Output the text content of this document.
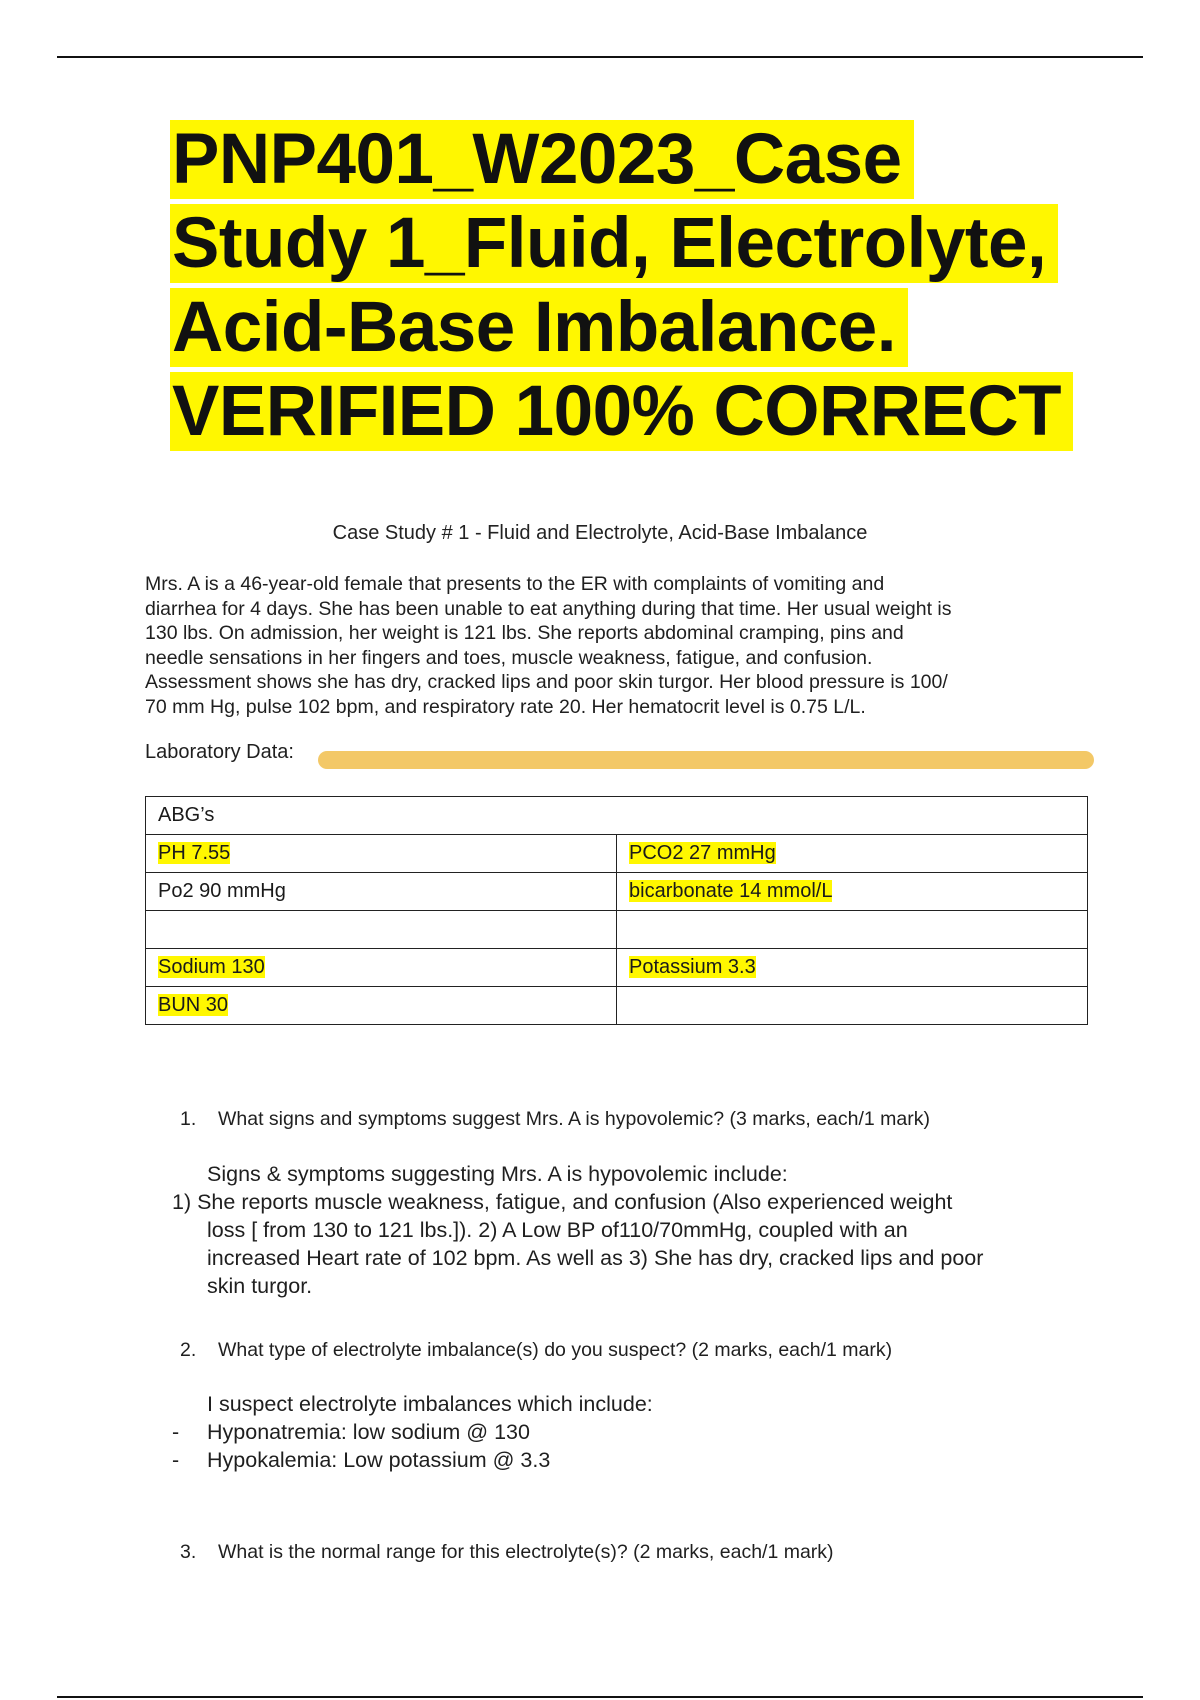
PNP401_W2023_Case
Study 1_Fluid, Electrolyte,
Acid-Base Imbalance.
VERIFIED 100% CORRECT
Case Study # 1 - Fluid and Electrolyte, Acid-Base Imbalance
Mrs. A is a 46-year-old female that presents to the ER with complaints of vomiting and
diarrhea for 4 days. She has been unable to eat anything during that time. Her usual weight is
130 lbs. On admission, her weight is 121 lbs. She reports abdominal cramping, pins and
needle sensations in her fingers and toes, muscle weakness, fatigue, and confusion.
Assessment shows she has dry, cracked lips and poor skin turgor. Her blood pressure is 100/
70 mm Hg, pulse 102 bpm, and respiratory rate 20. Her hematocrit level is 0.75 L/L.
Laboratory Data:
ABG’s	
PH 7.55	PCO2 27 mmHg
Po2 90 mmHg	bicarbonate 14 mmol/L

Sodium 130	Potassium 3.3
BUN 30	
1. What signs and symptoms suggest Mrs. A is hypovolemic? (3 marks, each/1 mark)

Signs & symptoms suggesting Mrs. A is hypovolemic include:

1) She reports muscle weakness, fatigue, and confusion (Also experienced weight

loss [ from 130 to 121 lbs.]). 2) A Low BP of110/70mmHg, coupled with an

increased Heart rate of 102 bpm. As well as 3) She has dry, cracked lips and poor

skin turgor.

2. What type of electrolyte imbalance(s) do you suspect? (2 marks, each/1 mark)

I suspect electrolyte imbalances which include:

- Hyponatremia: low sodium @ 130

- Hypokalemia: Low potassium @ 3.3

3. What is the normal range for this electrolyte(s)? (2 marks, each/1 mark)
